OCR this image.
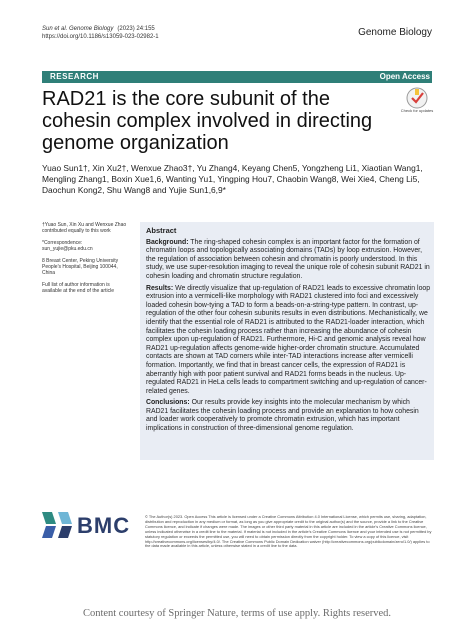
Sun et al. Genome Biology (2023) 24:155
https://doi.org/10.1186/s13059-023-02982-1	Genome Biology
RESEARCH	Open Access
Check for updates
RAD21 is the core subunit of the cohesin complex involved in directing genome organization
Yuao Sun1†, Xin Xu2†, Wenxue Zhao3†, Yu Zhang4, Keyang Chen5, Yongzheng Li1, Xiaotian Wang1, Mengling Zhang1, Boxin Xue1,6, Wanting Yu1, Yingping Hou7, Chaobin Wang8, Wei Xie4, Cheng Li5, Daochun Kong2, Shu Wang8 and Yujie Sun1,6,9*

†Yuao Sun, Xin Xu and Wenxue Zhao contributed equally to this work

*Correspondence: sun_yujie@pku.edu.cn

8 Breast Center, Peking University People's Hospital, Beijing 100044, China

Full list of author information is available at the end of the article

Abstract

Background: The ring-shaped cohesin complex is an important factor for the formation of chromatin loops and topologically associating domains (TADs) by loop extrusion. However, the regulation of association between cohesin and chromatin is poorly understood. In this study, we use super-resolution imaging to reveal the unique role of cohesin subunit RAD21 in cohesin loading and chromatin structure regulation.

Results: We directly visualize that up-regulation of RAD21 leads to excessive chromatin loop extrusion into a vermicelli-like morphology with RAD21 clustered into foci and excessively loaded cohesin bow-tying a TAD to form a beads-on-a-string-type pattern. In contrast, up-regulation of the other four cohesin subunits results in even distributions. Mechanistically, we identify that the essential role of RAD21 is attributed to the RAD21-loader interaction, which facilitates the cohesin loading process rather than increasing the abundance of cohesin complex upon up-regulation of RAD21. Furthermore, Hi-C and genomic analysis reveal how RAD21 up-regulation affects genome-wide higher-order chromatin structure. Accumulated contacts are shown at TAD corners while inter-TAD interactions increase after vermicelli formation. Importantly, we find that in breast cancer cells, the expression of RAD21 is aberrantly high with poor patient survival and RAD21 forms beads in the nucleus. Up-regulated RAD21 in HeLa cells leads to compartment switching and up-regulation of cancer-related genes.

Conclusions: Our results provide key insights into the molecular mechanism by which RAD21 facilitates the cohesin loading process and provide an explanation to how cohesin and loader work cooperatively to promote chromatin extrusion, which has important implications in construction of three-dimensional genome regulation.

BMC	© The Author(s) 2023. Open Access This article is licensed under a Creative Commons Attribution 4.0 International License, which permits use, sharing, adaptation, distribution and reproduction in any medium or format, as long as you give appropriate credit to the original author(s) and the source, provide a link to the Creative Commons licence, and indicate if changes were made. The images or other third party material in this article are included in the article's Creative Commons licence, unless indicated otherwise in a credit line to the material. If material is not included in the article's Creative Commons licence and your intended use is not permitted by statutory regulation or exceeds the permitted use, you will need to obtain permission directly from the copyright holder. To view a copy of this licence, visit http://creativecommons.org/licenses/by/4.0/. The Creative Commons Public Domain Dedication waiver (http://creativecommons.org/publicdomain/zero/1.0/) applies to the data made available in this article, unless otherwise stated in a credit line to the data.
Content courtesy of Springer Nature, terms of use apply. Rights reserved.
